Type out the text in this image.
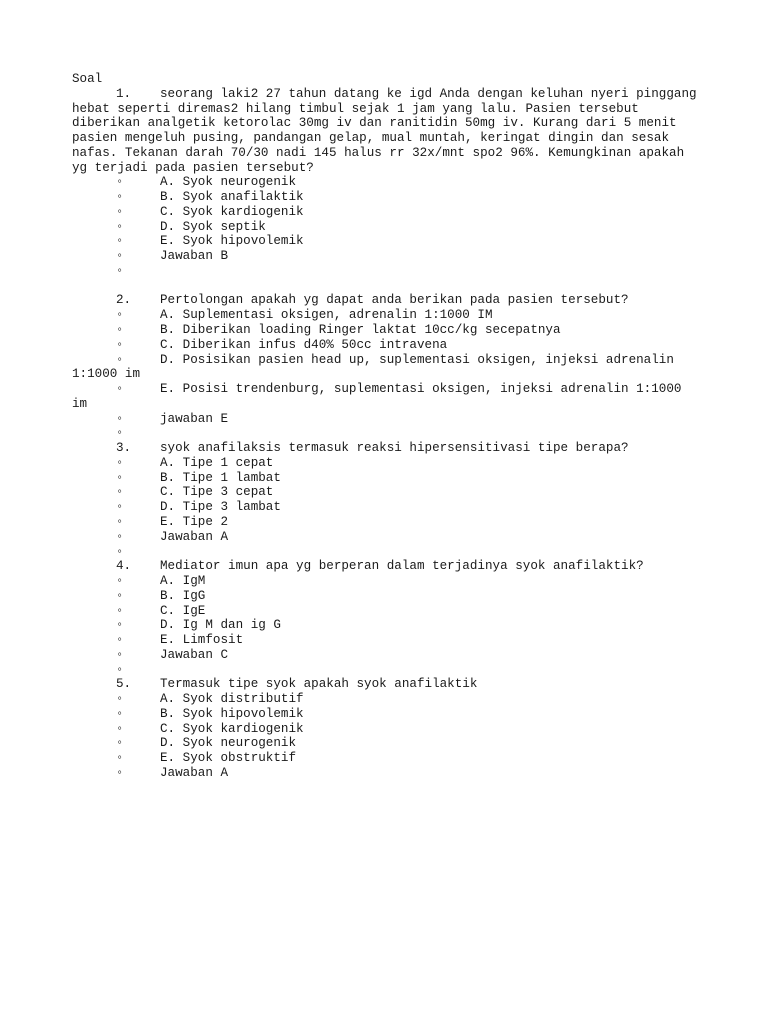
Soal
1. seorang laki2 27 tahun datang ke igd Anda dengan keluhan nyeri pinggang
hebat seperti diremas2 hilang timbul sejak 1 jam yang lalu. Pasien tersebut
diberikan analgetik ketorolac 30mg iv dan ranitidin 50mg iv. Kurang dari 5 menit
pasien mengeluh pusing, pandangan gelap, mual muntah, keringat dingin dan sesak
nafas. Tekanan darah 70/30 nadi 145 halus rr 32x/mnt spo2 96%. Kemungkinan apakah
yg terjadi pada pasien tersebut?
◦	A. Syok neurogenik
◦	B. Syok anafilaktik
◦	C. Syok kardiogenik
◦	D. Syok septik
◦	E. Syok hipovolemik
◦	Jawaban B
◦
2. Pertolongan apakah yg dapat anda berikan pada pasien tersebut?
◦	A. Suplementasi oksigen, adrenalin 1:1000 IM
◦	B. Diberikan loading Ringer laktat 10cc/kg secepatnya
◦	C. Diberikan infus d40% 50cc intravena
◦	D. Posisikan pasien head up, suplementasi oksigen, injeksi adrenalin
1:1000 im
◦	E. Posisi trendenburg, suplementasi oksigen, injeksi adrenalin 1:1000
im
◦	jawaban E
◦
3. syok anafilaksis termasuk reaksi hipersensitivasi tipe berapa?
◦	A. Tipe 1 cepat
◦	B. Tipe 1 lambat
◦	C. Tipe 3 cepat
◦	D. Tipe 3 lambat
◦	E. Tipe 2
◦	Jawaban A
◦
4. Mediator imun apa yg berperan dalam terjadinya syok anafilaktik?
◦	A. IgM
◦	B. IgG
◦	C. IgE
◦	D. Ig M dan ig G
◦	E. Limfosit
◦	Jawaban C
◦
5. Termasuk tipe syok apakah syok anafilaktik
◦	A. Syok distributif
◦	B. Syok hipovolemik
◦	C. Syok kardiogenik
◦	D. Syok neurogenik
◦	E. Syok obstruktif
◦	Jawaban A
